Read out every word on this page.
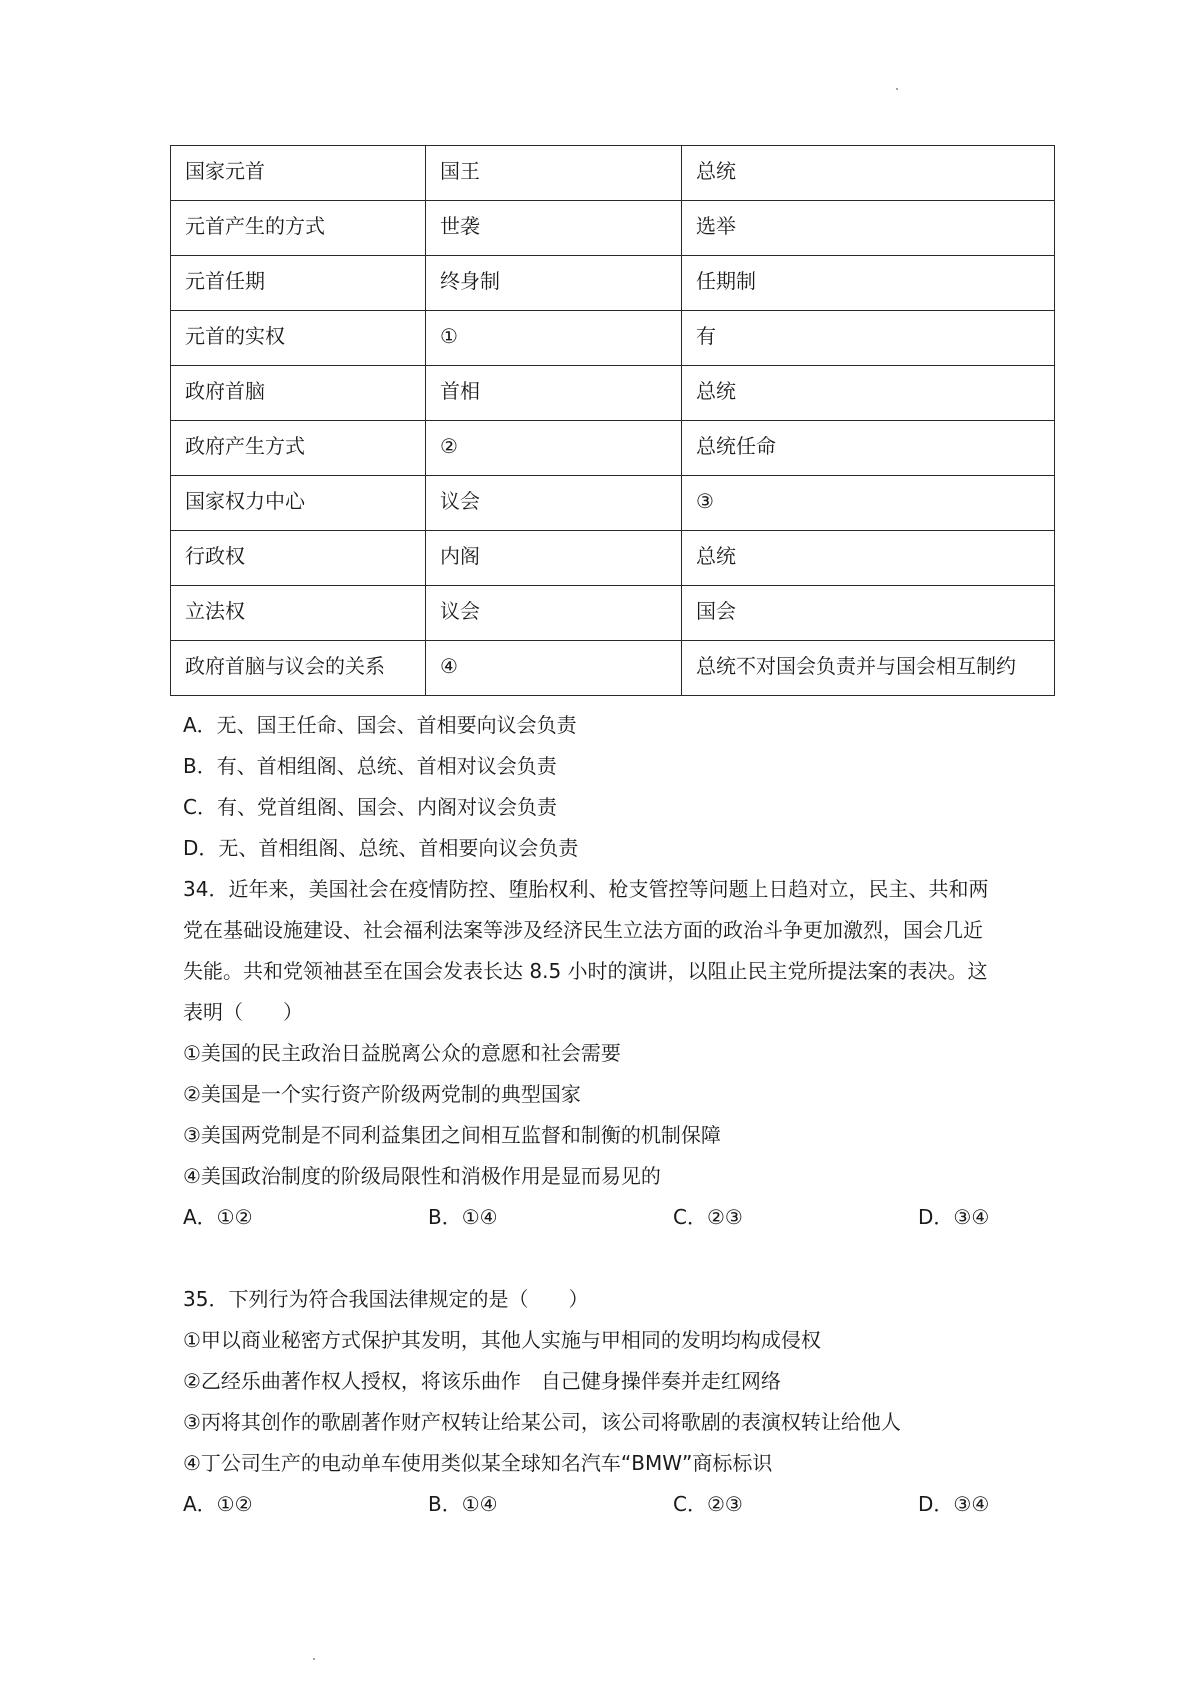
国家元首	国王	总统
元首产生的方式	世袭	选举
元首任期	终身制	任期制
元首的实权	①	有
政府首脑	首相	总统
政府产生方式	②	总统任命
国家权力中心	议会	③
行政权	内阁	总统
立法权	议会	国会
政府首脑与议会的关系	④	总统不对国会负责并与国会相互制约
A．无、国王任命、国会、首相要向议会负责
B．有、首相组阁、总统、首相对议会负责
C．有、党首组阁、国会、内阁对议会负责
D．无、首相组阁、总统、首相要向议会负责
34．近年来，美国社会在疫情防控、堕胎权利、枪支管控等问题上日趋对立，民主、共和两
党在基础设施建设、社会福利法案等涉及经济民生立法方面的政治斗争更加激烈，国会几近
失能。共和党领袖甚至在国会发表长达 8.5 小时的演讲，以阻止民主党所提法案的表决。这
表明（　　）
①美国的民主政治日益脱离公众的意愿和社会需要
②美国是一个实行资产阶级两党制的典型国家
③美国两党制是不同利益集团之间相互监督和制衡的机制保障
④美国政治制度的阶级局限性和消极作用是显而易见的
A．①②	B．①④	C．②③	D．③④
35．下列行为符合我国法律规定的是（　　）
①甲以商业秘密方式保护其发明，其他人实施与甲相同的发明均构成侵权
②乙经乐曲著作权人授权，将该乐曲作　自己健身操伴奏并走红网络
③丙将其创作的歌剧著作财产权转让给某公司，该公司将歌剧的表演权转让给他人
④丁公司生产的电动单车使用类似某全球知名汽车“BMW”商标标识
A．①②	B．①④	C．②③	D．③④
